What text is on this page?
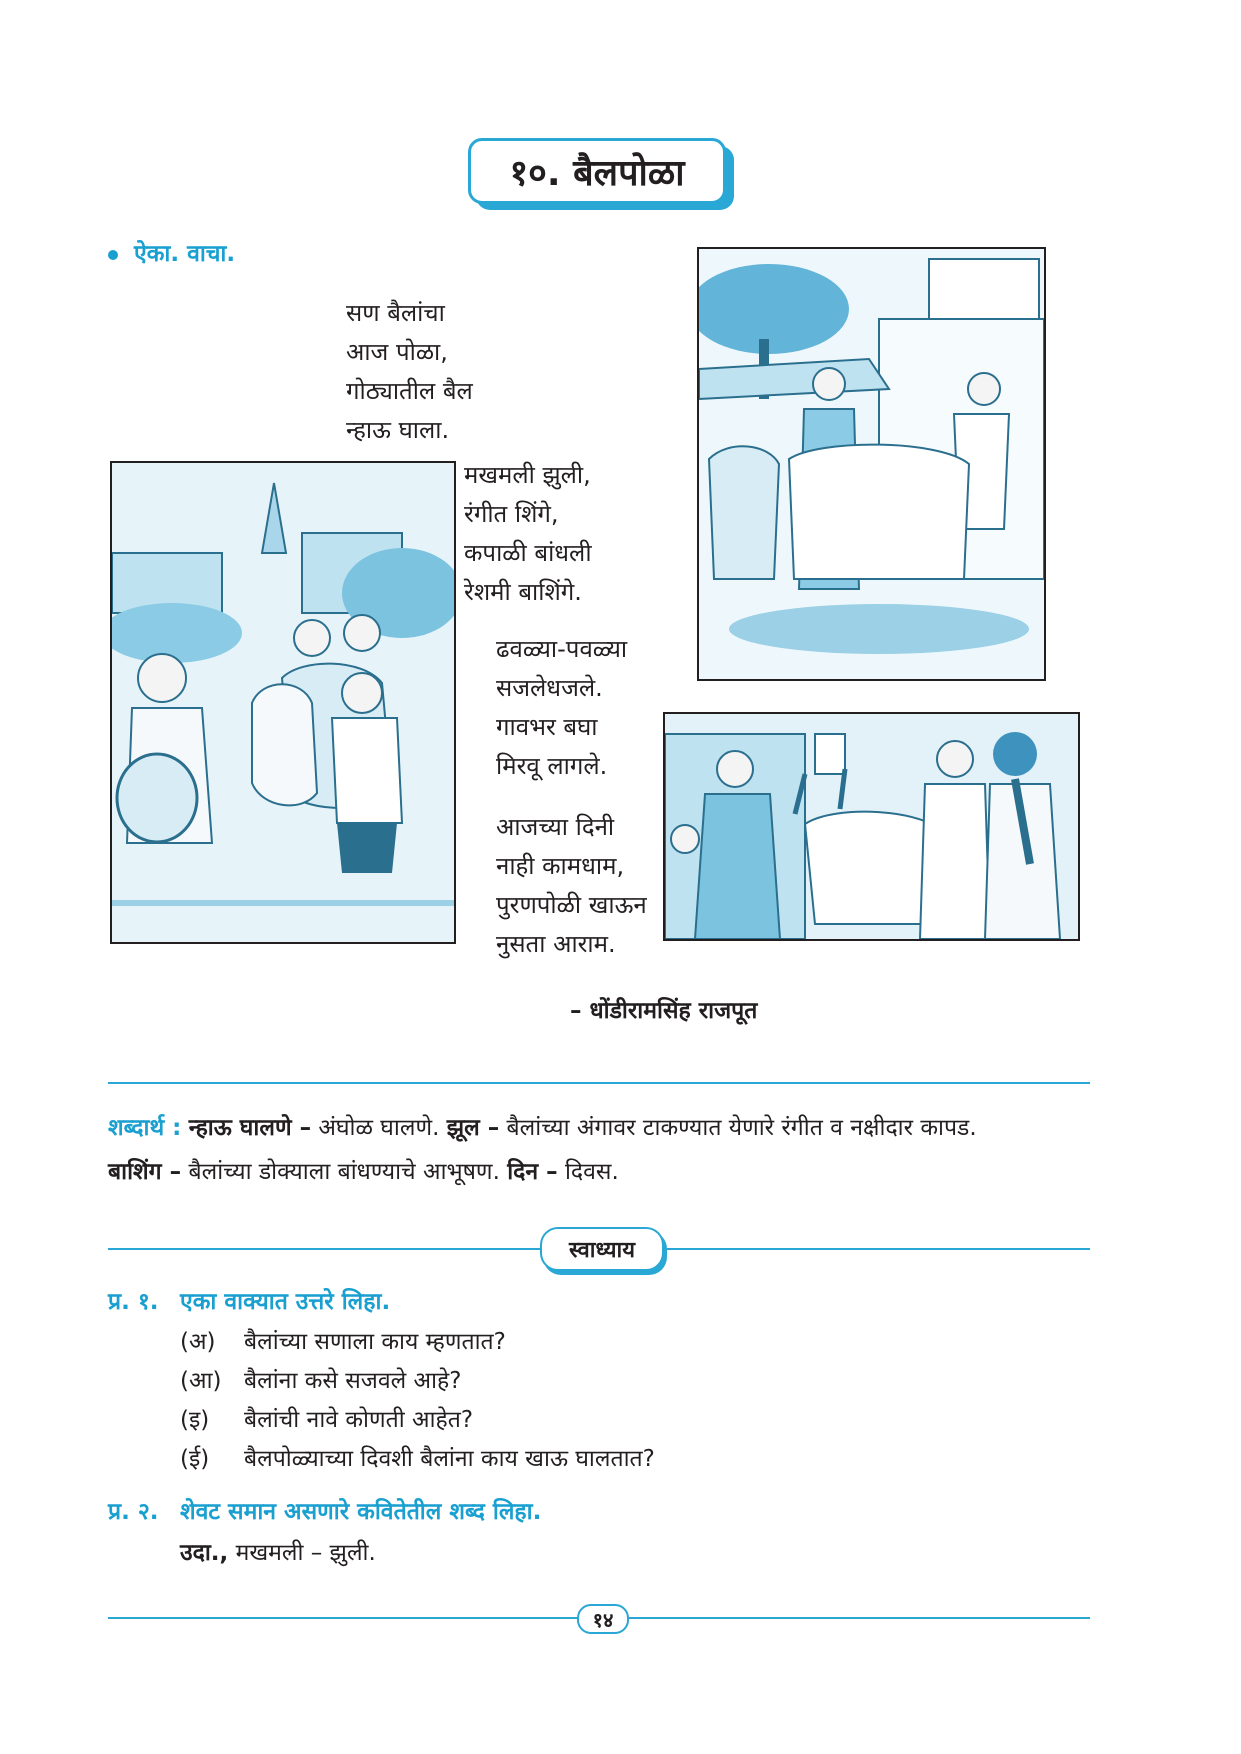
१०. बैलपोळा
ऐका. वाचा.

सण बैलांचा

आज पोळा,

गोठ्यातील बैल

न्हाऊ घाला.

मखमली झुली,

रंगीत शिंगे,

कपाळी बांधली

रेशमी बाशिंगे.

ढवळ्या-पवळ्या

सजलेधजले.

गावभर बघा

मिरवू लागले.

आजच्या दिनी

नाही कामधाम,

पुरणपोळी खाऊन

नुसता आराम.

– धोंडीरामसिंह राजपूत
शब्दार्थ : न्हाऊ घालणे – अंघोळ घालणे. झूल – बैलांच्या अंगावर टाकण्यात येणारे रंगीत व नक्षीदार कापड.
बाशिंग – बैलांच्या डोक्याला बांधण्याचे आभूषण. दिन – दिवस.
स्वाध्याय
प्र. १. एका वाक्यात उत्तरे लिहा.
(अ) बैलांच्या सणाला काय म्हणतात?
(आ) बैलांना कसे सजवले आहे?
(इ) बैलांची नावे कोणती आहेत?
(ई) बैलपोळ्याच्या दिवशी बैलांना काय खाऊ घालतात?
प्र. २. शेवट समान असणारे कवितेतील शब्द लिहा.
उदा., मखमली – झुली.
१४
